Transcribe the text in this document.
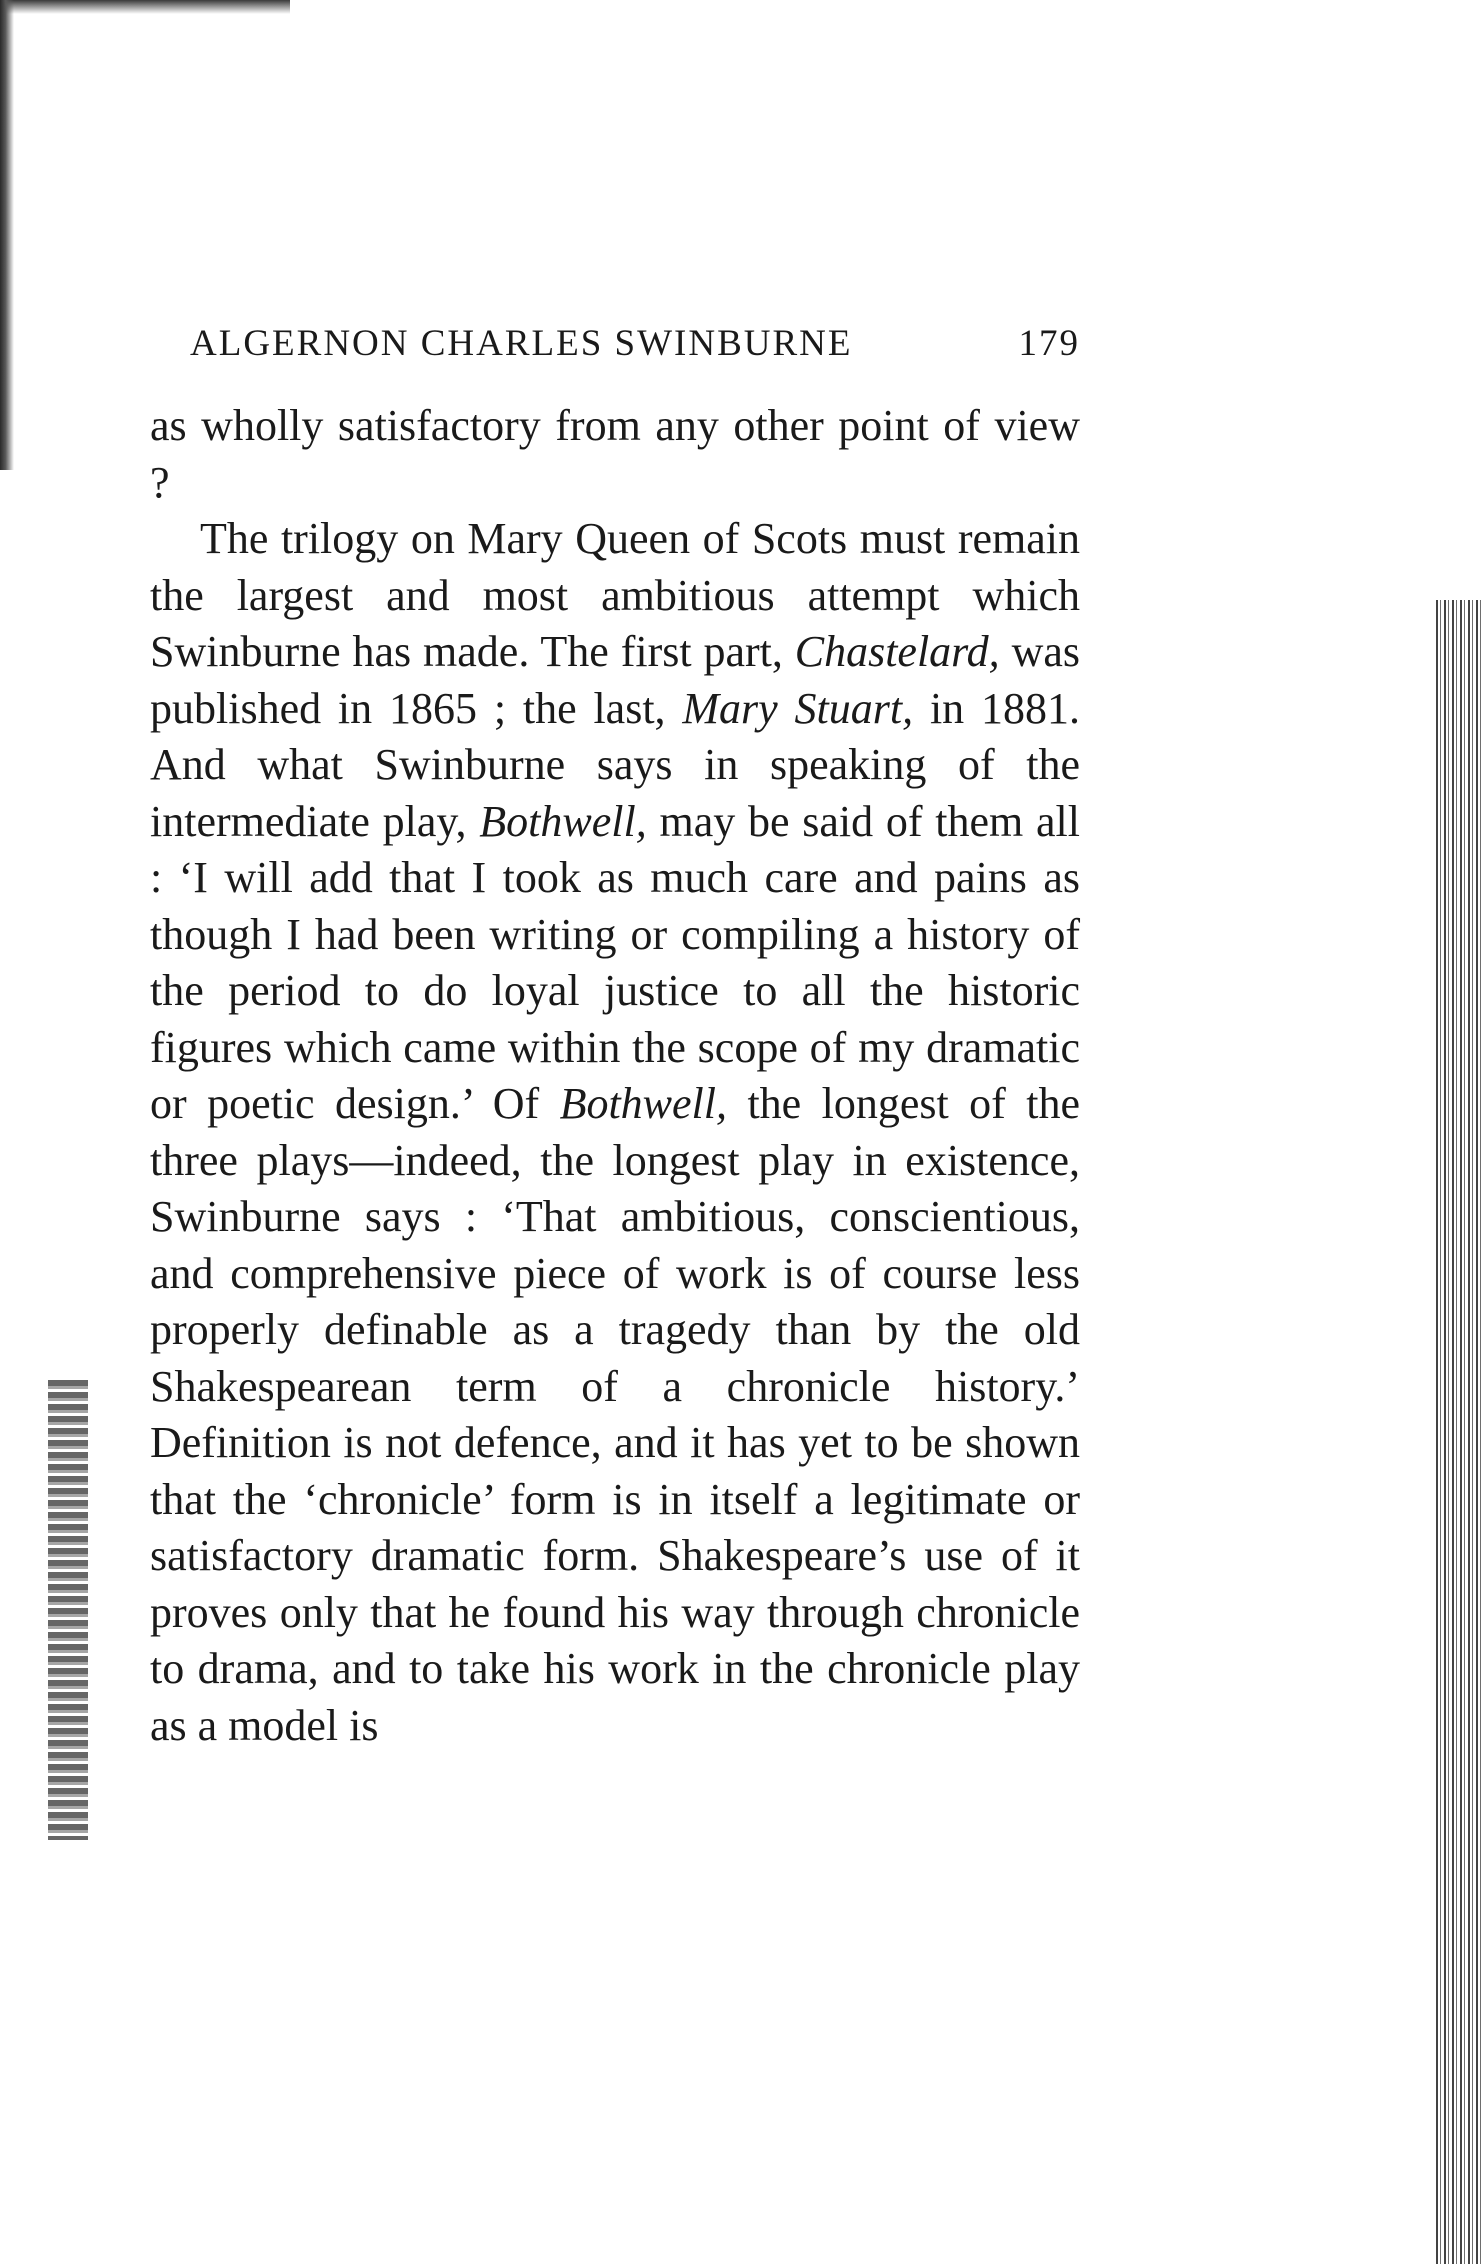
ALGERNON CHARLES SWINBURNE	179

as wholly satisfactory from any other point of view ?

The trilogy on Mary Queen of Scots must remain the largest and most ambitious attempt which Swinburne has made. The first part, Chastelard, was published in 1865 ; the last, Mary Stuart, in 1881. And what Swinburne says in speaking of the intermediate play, Bothwell, may be said of them all : ‘I will add that I took as much care and pains as though I had been writing or compiling a history of the period to do loyal justice to all the historic figures which came within the scope of my dramatic or poetic design.’ Of Bothwell, the longest of the three plays—indeed, the longest play in existence, Swinburne says : ‘That ambitious, conscientious, and comprehensive piece of work is of course less properly definable as a tragedy than by the old Shakespearean term of a chronicle history.’ Definition is not defence, and it has yet to be shown that the ‘chronicle’ form is in itself a legitimate or satisfactory dramatic form. Shakespeare’s use of it proves only that he found his way through chronicle to drama, and to take his work in the chronicle play as a model is
